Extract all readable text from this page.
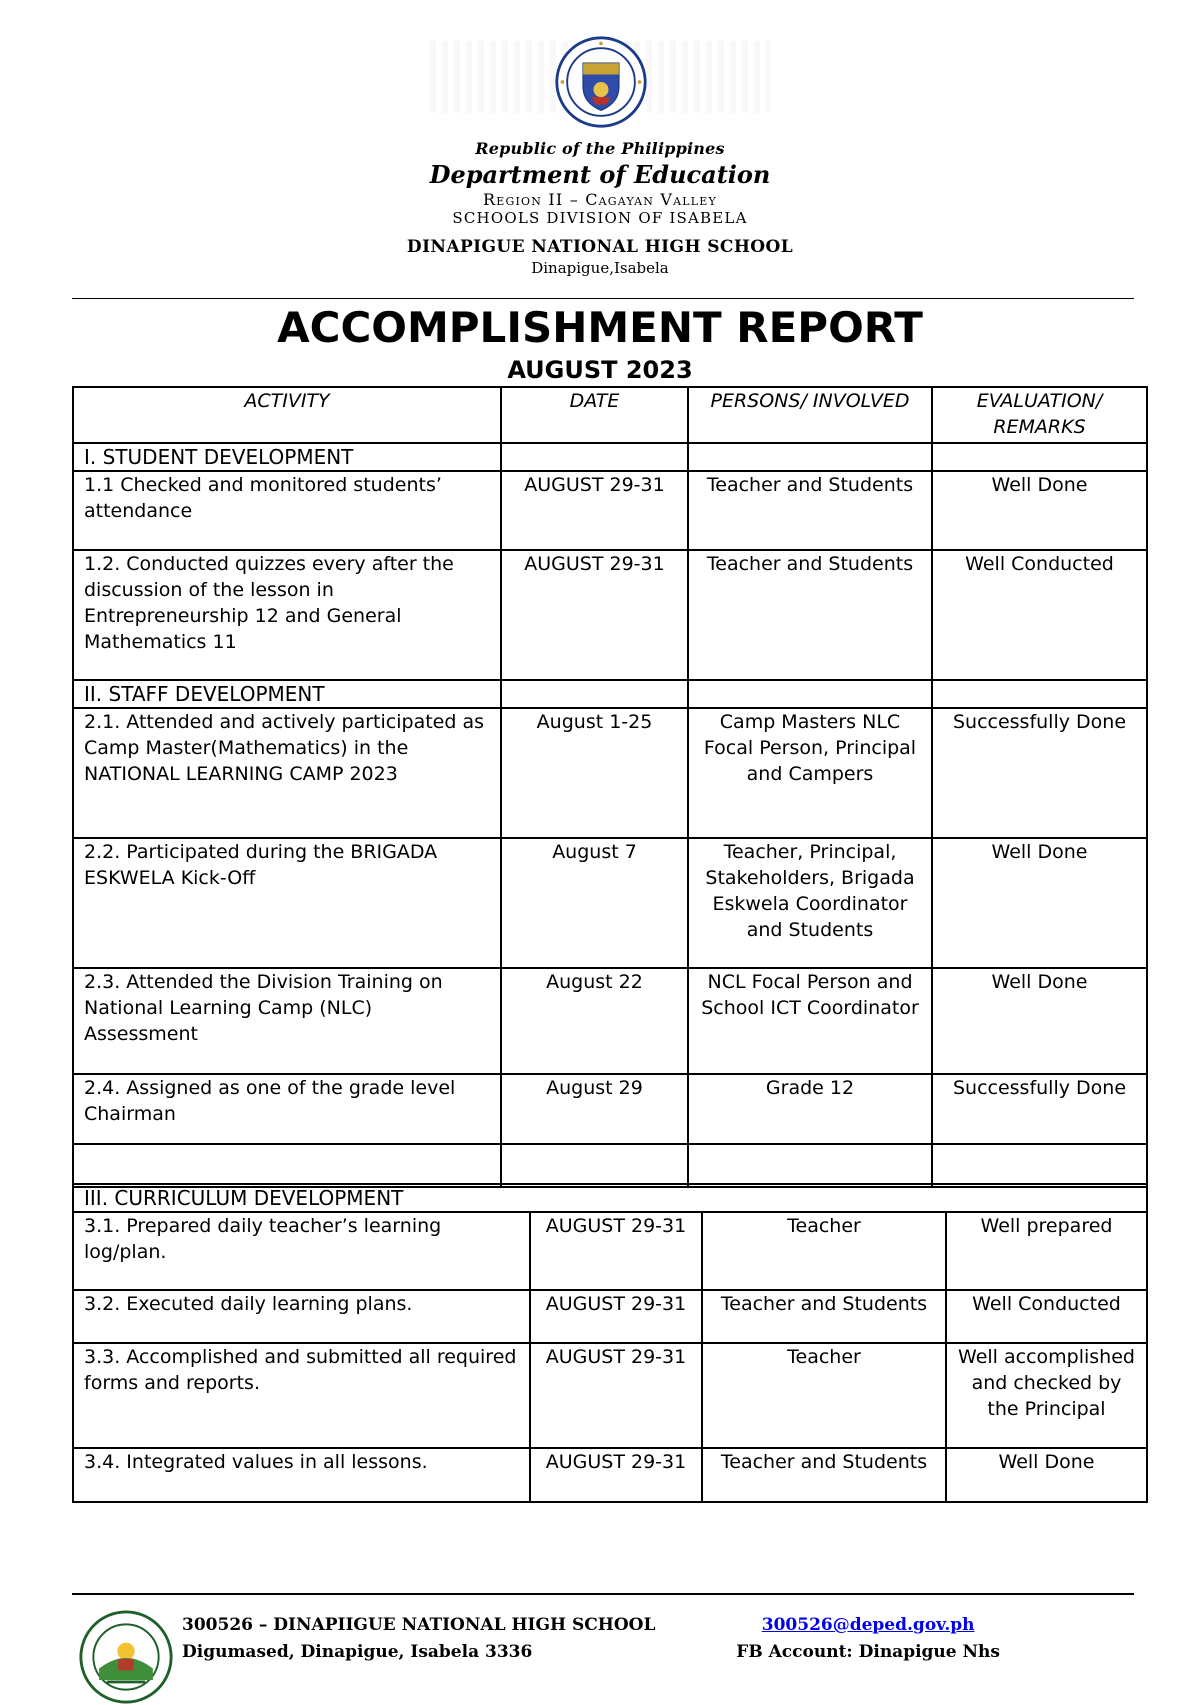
Republic of the Philippines
Department of Education
Region II – Cagayan Valley
SCHOOLS DIVISION OF ISABELA
DINAPIGUE NATIONAL HIGH SCHOOL
Dinapigue,Isabela
ACCOMPLISHMENT REPORT
AUGUST 2023
ACTIVITY	DATE	PERSONS/ INVOLVED	EVALUATION/ REMARKS
I. STUDENT DEVELOPMENT			
1.1 Checked and monitored students’ attendance	AUGUST 29-31	Teacher and Students	Well Done
1.2. Conducted quizzes every after the discussion of the lesson in Entrepreneurship 12 and General Mathematics 11	AUGUST 29-31	Teacher and Students	Well Conducted
II. STAFF DEVELOPMENT			
2.1. Attended and actively participated as Camp Master(Mathematics) in the NATIONAL LEARNING CAMP 2023	August 1-25	Camp Masters NLC Focal Person, Principal and Campers	Successfully Done
2.2. Participated during the BRIGADA ESKWELA Kick-Off	August 7	Teacher, Principal, Stakeholders, Brigada Eskwela Coordinator and Students	Well Done
2.3. Attended the Division Training on National Learning Camp (NLC) Assessment	August 22	NCL Focal Person and School ICT Coordinator	Well Done
2.4. Assigned as one of the grade level Chairman	August 29	Grade 12	Successfully Done

III. CURRICULUM DEVELOPMENT			
3.1. Prepared daily teacher’s learning log/plan.	AUGUST 29-31	Teacher	Well prepared
3.2. Executed daily learning plans.	AUGUST 29-31	Teacher and Students	Well Conducted
3.3. Accomplished and submitted all required forms and reports.	AUGUST 29-31	Teacher	Well accomplished and checked by the Principal
3.4. Integrated values in all lessons.	AUGUST 29-31	Teacher and Students	Well Done
300526 – DINAPIIGUE NATIONAL HIGH SCHOOL
Digumased, Dinapigue, Isabela 3336
300526@deped.gov.ph
FB Account: Dinapigue Nhs
